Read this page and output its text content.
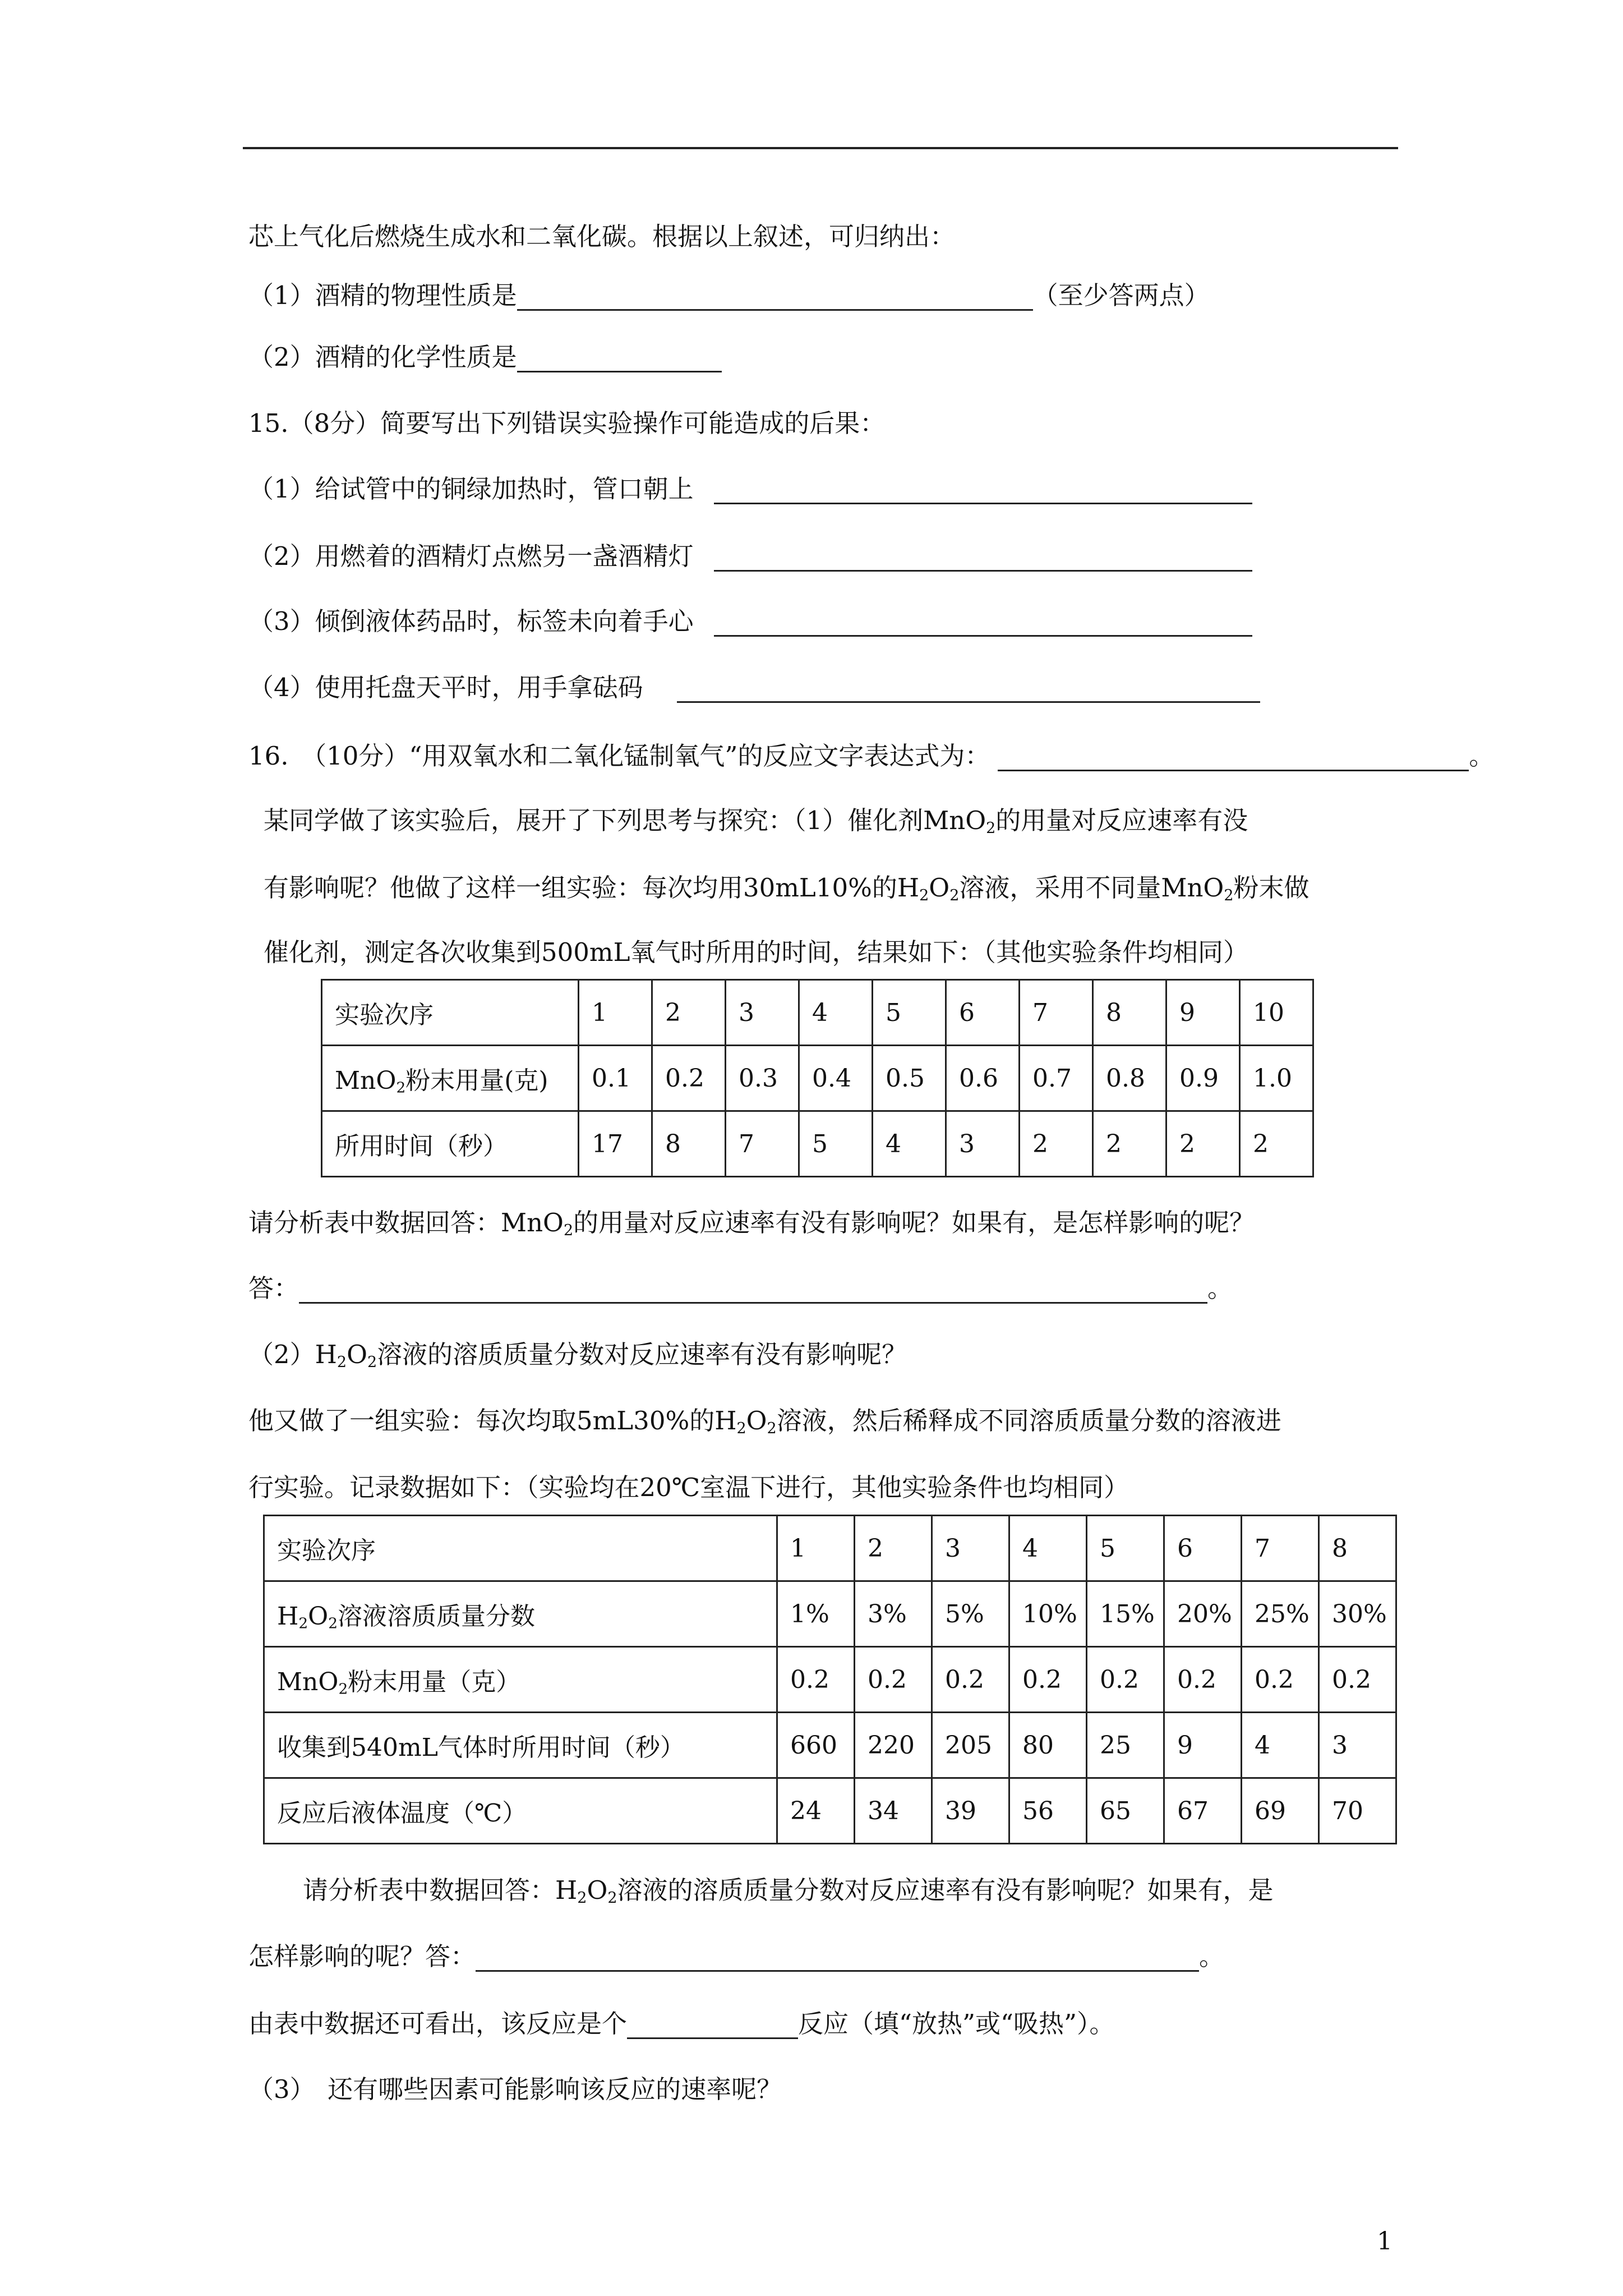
芯上气化后燃烧生成水和二氧化碳。根据以上叙述，可归纳出：
（1）酒精的物理性质是	（至少答两点）
（2）酒精的化学性质是
15.（8分）简要写出下列错误实验操作可能造成的后果：
（1）给试管中的铜绿加热时，管口朝上
（2）用燃着的酒精灯点燃另一盏酒精灯
（3）倾倒液体药品时，标签未向着手心
（4）使用托盘天平时，用手拿砝码
16.　（10分）“用双氧水和二氧化锰制氧气”的反应文字表达式为：	。
某同学做了该实验后，展开了下列思考与探究：（1）催化剂MnO$_2$的用量对反应速率有没
有影响呢？他做了这样一组实验：每次均用30mL10%的$H_2O_2$溶液，采用不同量MnO$_2$粉末做
催化剂，测定各次收集到500mL氧气时所用的时间，结果如下：（其他实验条件均相同）
实验次序	1	2	3	4	5	6	7	8	9	10
MnO$_2$粉末用量(克)	0.1	0.2	0.3	0.4	0.5	0.6	0.7	0.8	0.9	1.0
所用时间（秒）	17	8	7	5	4	3	2	2	2	2
请分析表中数据回答：MnO$_2$的用量对反应速率有没有影响呢？如果有，是怎样影响的呢？
答：	。
$(2)H_2O_2$溶液的溶质质量分数对反应速率有没有影响呢？
他又做了一组实验：每次均取5mL30%的$H_2O_2$溶液，然后稀释成不同溶质质量分数的溶液进
行实验。记录数据如下：（实验均在20℃室温下进行，其他实验条件也均相同）
实验次序	1	2	3	4	5	6	7	8
$H_2O_2$溶液溶质质量分数	1%	3%	5%	10%	15%	20%	25%	30%
MnO$_2$粉末用量（克）	0.2	0.2	0.2	0.2	0.2	0.2	0.2	0.2
收集到540mL气体时所用时间（秒）	660	220	205	80	25	9	4	3
反应后液体温度（℃）	24	34	39	56	65	67	69	70
请分析表中数据回答：$H_2O_2$溶液的溶质质量分数对反应速率有没有影响呢？如果有，是
怎样影响的呢？答：	。
由表中数据还可看出，该反应是个	反应（填“放热”或“吸热”）。
（3）　还有哪些因素可能影响该反应的速率呢？
1
